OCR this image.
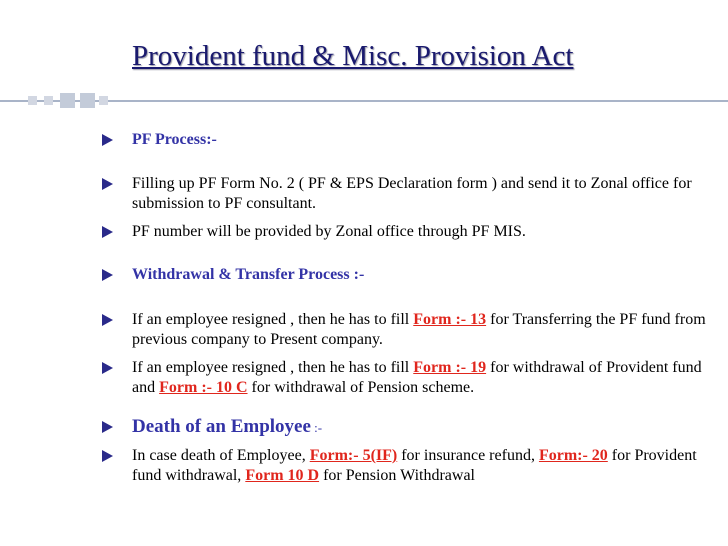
Provident fund & Misc. Provision Act
PF Process:-
Filling up PF Form No. 2 ( PF & EPS Declaration form ) and send it to Zonal office for submission to PF consultant.
PF number will be provided by Zonal office through PF MIS.
Withdrawal & Transfer Process :-
If an employee resigned , then he has to fill Form :- 13 for Transferring the PF fund from previous company to Present company.
If an employee resigned , then he has to fill Form :- 19 for withdrawal of Provident fund and Form :- 10 C for withdrawal of Pension scheme.
Death of an Employee :-
In case death of Employee, Form:- 5(IF) for insurance refund, Form:- 20 for Provident fund withdrawal, Form 10 D for Pension Withdrawal
